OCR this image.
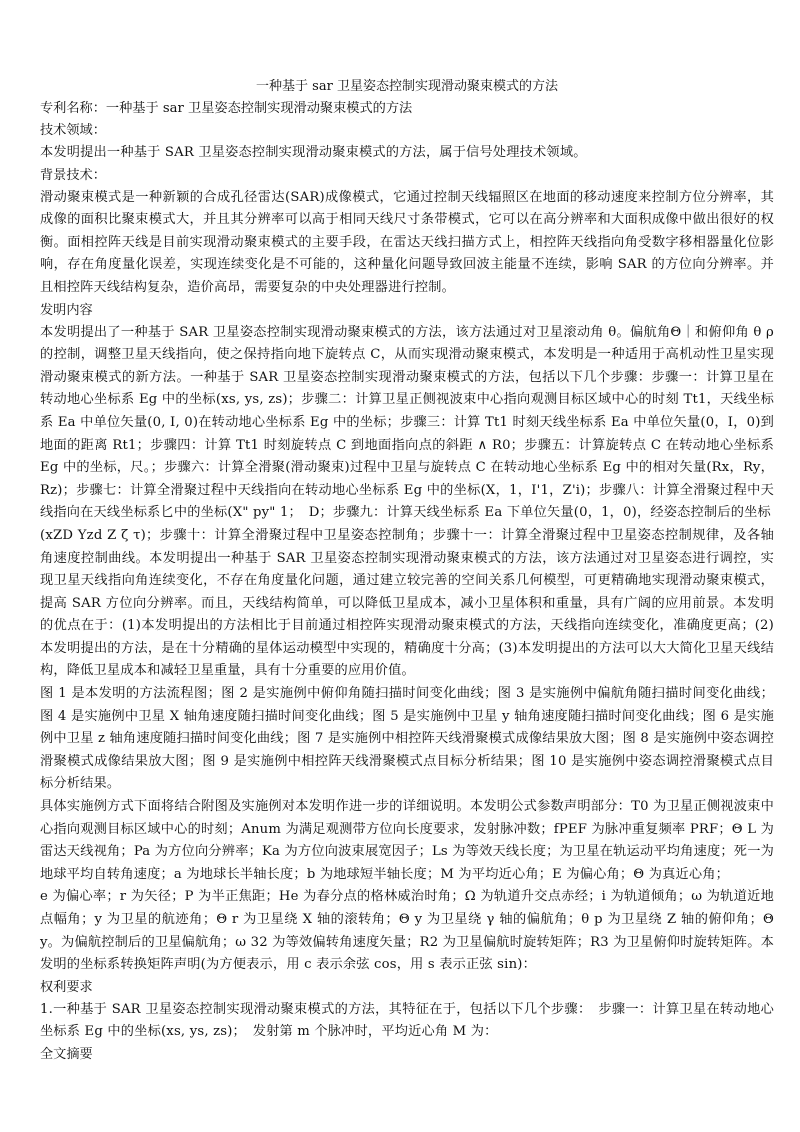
一种基于 sar 卫星姿态控制实现滑动聚束模式的方法

专利名称：一种基于 sar 卫星姿态控制实现滑动聚束模式的方法

技术领域：

本发明提出一种基于 SAR 卫星姿态控制实现滑动聚束模式的方法，属于信号处理技术领域。

背景技术：

滑动聚束模式是一种新颖的合成孔径雷达(SAR)成像模式，它通过控制天线辐照区在地面的移动速度来控制方位分辨率，其成像的面积比聚束模式大，并且其分辨率可以高于相同天线尺寸条带模式，它可以在高分辨率和大面积成像中做出很好的权衡。面相控阵天线是目前实现滑动聚束模式的主要手段，在雷达天线扫描方式上，相控阵天线指向角受数字移相器量化位影响，存在角度量化误差，实现连续变化是不可能的，这种量化问题导致回波主能量不连续，影响 SAR 的方位向分辨率。并且相控阵天线结构复杂，造价高昂，需要复杂的中央处理器进行控制。

发明内容

本发明提出了一种基于 SAR 卫星姿态控制实现滑动聚束模式的方法，该方法通过对卫星滚动角 θ。偏航角Θ｜和俯仰角 θ ρ 的控制，调整卫星天线指向，使之保持指向地下旋转点 C，从而实现滑动聚束模式，本发明是一种适用于高机动性卫星实现滑动聚束模式的新方法。一种基于 SAR 卫星姿态控制实现滑动聚束模式的方法，包括以下几个步骤：步骤一：计算卫星在转动地心坐标系 Eg 中的坐标(xs, ys, zs)；步骤二：计算卫星正侧视波束中心指向观测目标区域中心的时刻 Tt1，天线坐标系 Ea 中单位矢量(0, I, 0)在转动地心坐标系 Eg 中的坐标；步骤三：计算 Tt1 时刻天线坐标系 Ea 中单位矢量(0，I，0)到地面的距离 Rt1；步骤四：计算 Tt1 时刻旋转点 C 到地面指向点的斜距 ∧ R0；步骤五：计算旋转点 C 在转动地心坐标系 Eg 中的坐标，尺。；步骤六：计算全滑聚(滑动聚束)过程中卫星与旋转点 C 在转动地心坐标系 Eg 中的相对矢量(Rx，Ry，Rz)；步骤七：计算全滑聚过程中天线指向在转动地心坐标系 Eg 中的坐标(X，1，I'1，Z'i)；步骤八：计算全滑聚过程中天线指向在天线坐标系匕中的坐标(X" py" 1；　D；步骤九：计算天线坐标系 Ea 下单位矢量(0，1，0)，经姿态控制后的坐标

(xZD Yzd Z ζ τ)；步骤十：计算全滑聚过程中卫星姿态控制角；步骤十一：计算全滑聚过程中卫星姿态控制规律，及各轴角速度控制曲线。本发明提出一种基于 SAR 卫星姿态控制实现滑动聚束模式的方法，该方法通过对卫星姿态进行调控，实现卫星天线指向角连续变化，不存在角度量化问题，通过建立较完善的空间关系几何模型，可更精确地实现滑动聚束模式，提高 SAR 方位向分辨率。而且，天线结构简单，可以降低卫星成本，减小卫星体积和重量，具有广阔的应用前景。本发明的优点在于：(1)本发明提出的方法相比于目前通过相控阵实现滑动聚束模式的方法，天线指向连续变化，准确度更高；(2)本发明提出的方法，是在十分精确的星体运动模型中实现的，精确度十分高；(3)本发明提出的方法可以大大简化卫星天线结构，降低卫星成本和减轻卫星重量，具有十分重要的应用价值。

图 1 是本发明的方法流程图；图 2 是实施例中俯仰角随扫描时间变化曲线；图 3 是实施例中偏航角随扫描时间变化曲线；图 4 是实施例中卫星 X 轴角速度随扫描时间变化曲线；图 5 是实施例中卫星 y 轴角速度随扫描时间变化曲线；图 6 是实施例中卫星 z 轴角速度随扫描时间变化曲线；图 7 是实施例中相控阵天线滑聚模式成像结果放大图；图 8 是实施例中姿态调控滑聚模式成像结果放大图；图 9 是实施例中相控阵天线滑聚模式点目标分析结果；图 10 是实施例中姿态调控滑聚模式点目标分析结果。

具体实施例方式下面将结合附图及实施例对本发明作进一步的详细说明。本发明公式参数声明部分：T0 为卫星正侧视波束中心指向观测目标区域中心的时刻；Anum 为满足观测带方位向长度要求，发射脉冲数；fPEF 为脉冲重复频率 PRF；Θ L 为雷达天线视角；Pa 为方位向分辨率；Ka 为方位向波束展宽因子；Ls 为等效天线长度；为卫星在轨运动平均角速度；死一为地球平均自转角速度；a 为地球长半轴长度；b 为地球短半轴长度；M 为平均近心角；E 为偏心角；Θ 为真近心角；

e 为偏心率；r 为矢径；P 为半正焦距；He 为春分点的格林威治时角；Ω 为轨道升交点赤经；i 为轨道倾角；ω 为轨道近地点幅角；y 为卫星的航迹角；Θ r 为卫星绕 X 轴的滚转角；Θ y 为卫星绕 γ 轴的偏航角；θ p 为卫星绕 Z 轴的俯仰角；Θ y。为偏航控制后的卫星偏航角；ω 32 为等效偏转角速度矢量；R2 为卫星偏航时旋转矩阵；R3 为卫星俯仰时旋转矩阵。本发明的坐标系转换矩阵声明(为方便表示，用 c 表示余弦 cos，用 s 表示正弦 sin)：

权利要求

1.一种基于 SAR 卫星姿态控制实现滑动聚束模式的方法，其特征在于，包括以下几个步骤：　步骤一：计算卫星在转动地心坐标系 Eg 中的坐标(xs, ys, zs)；　发射第 m 个脉冲时，平均近心角 M 为：

全文摘要
